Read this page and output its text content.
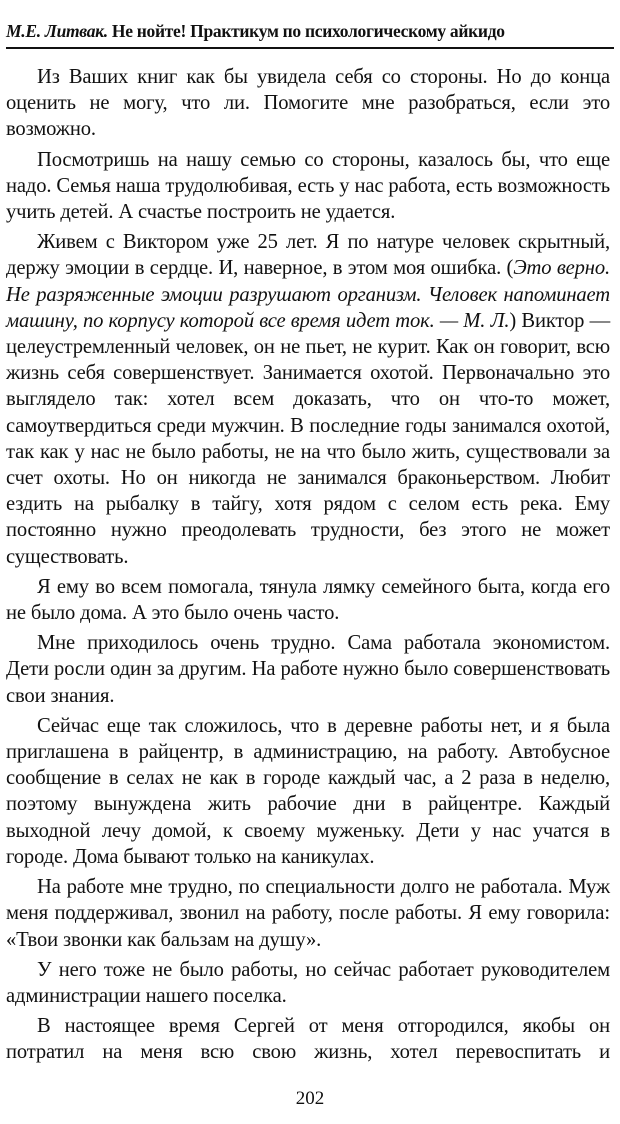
М.Е. Литвак. Не нойте! Практикум по психологическому айкидо

Из Ваших книг как бы увидела себя со стороны. Но до конца оценить не могу, что ли. Помогите мне разобраться, если это возможно.

Посмотришь на нашу семью со стороны, казалось бы, что еще надо. Семья наша трудолюбивая, есть у нас работа, есть возможность учить детей. А счастье построить не удается.

Живем с Виктором уже 25 лет. Я по натуре человек скрытный, держу эмоции в сердце. И, наверное, в этом моя ошибка. (Это верно. Не разряженные эмоции разрушают организм. Человек напоминает машину, по корпусу которой все время идет ток. — М. Л.) Виктор — целеустремленный человек, он не пьет, не курит. Как он говорит, всю жизнь себя совершенствует. Занимается охотой. Первоначально это выглядело так: хотел всем доказать, что он что-то может, самоутвердиться среди мужчин. В последние годы занимался охотой, так как у нас не было работы, не на что было жить, существовали за счет охоты. Но он никогда не занимался браконьерством. Любит ездить на рыбалку в тайгу, хотя рядом с селом есть река. Ему постоянно нужно преодолевать трудности, без этого не может существовать.

Я ему во всем помогала, тянула лямку семейного быта, когда его не было дома. А это было очень часто.

Мне приходилось очень трудно. Сама работала экономистом. Дети росли один за другим. На работе нужно было совершенствовать свои знания.

Сейчас еще так сложилось, что в деревне работы нет, и я была приглашена в райцентр, в администрацию, на работу. Автобусное сообщение в селах не как в городе каждый час, а 2 раза в неделю, поэтому вынуждена жить рабочие дни в райцентре. Каждый выходной лечу домой, к своему муженьку. Дети у нас учатся в городе. Дома бывают только на каникулах.

На работе мне трудно, по специальности долго не работала. Муж меня поддерживал, звонил на работу, после работы. Я ему говорила: «Твои звонки как бальзам на душу».

У него тоже не было работы, но сейчас работает руководителем администрации нашего поселка.

В настоящее время Сергей от меня отгородился, якобы он потратил на меня всю свою жизнь, хотел перевоспитать и

202
